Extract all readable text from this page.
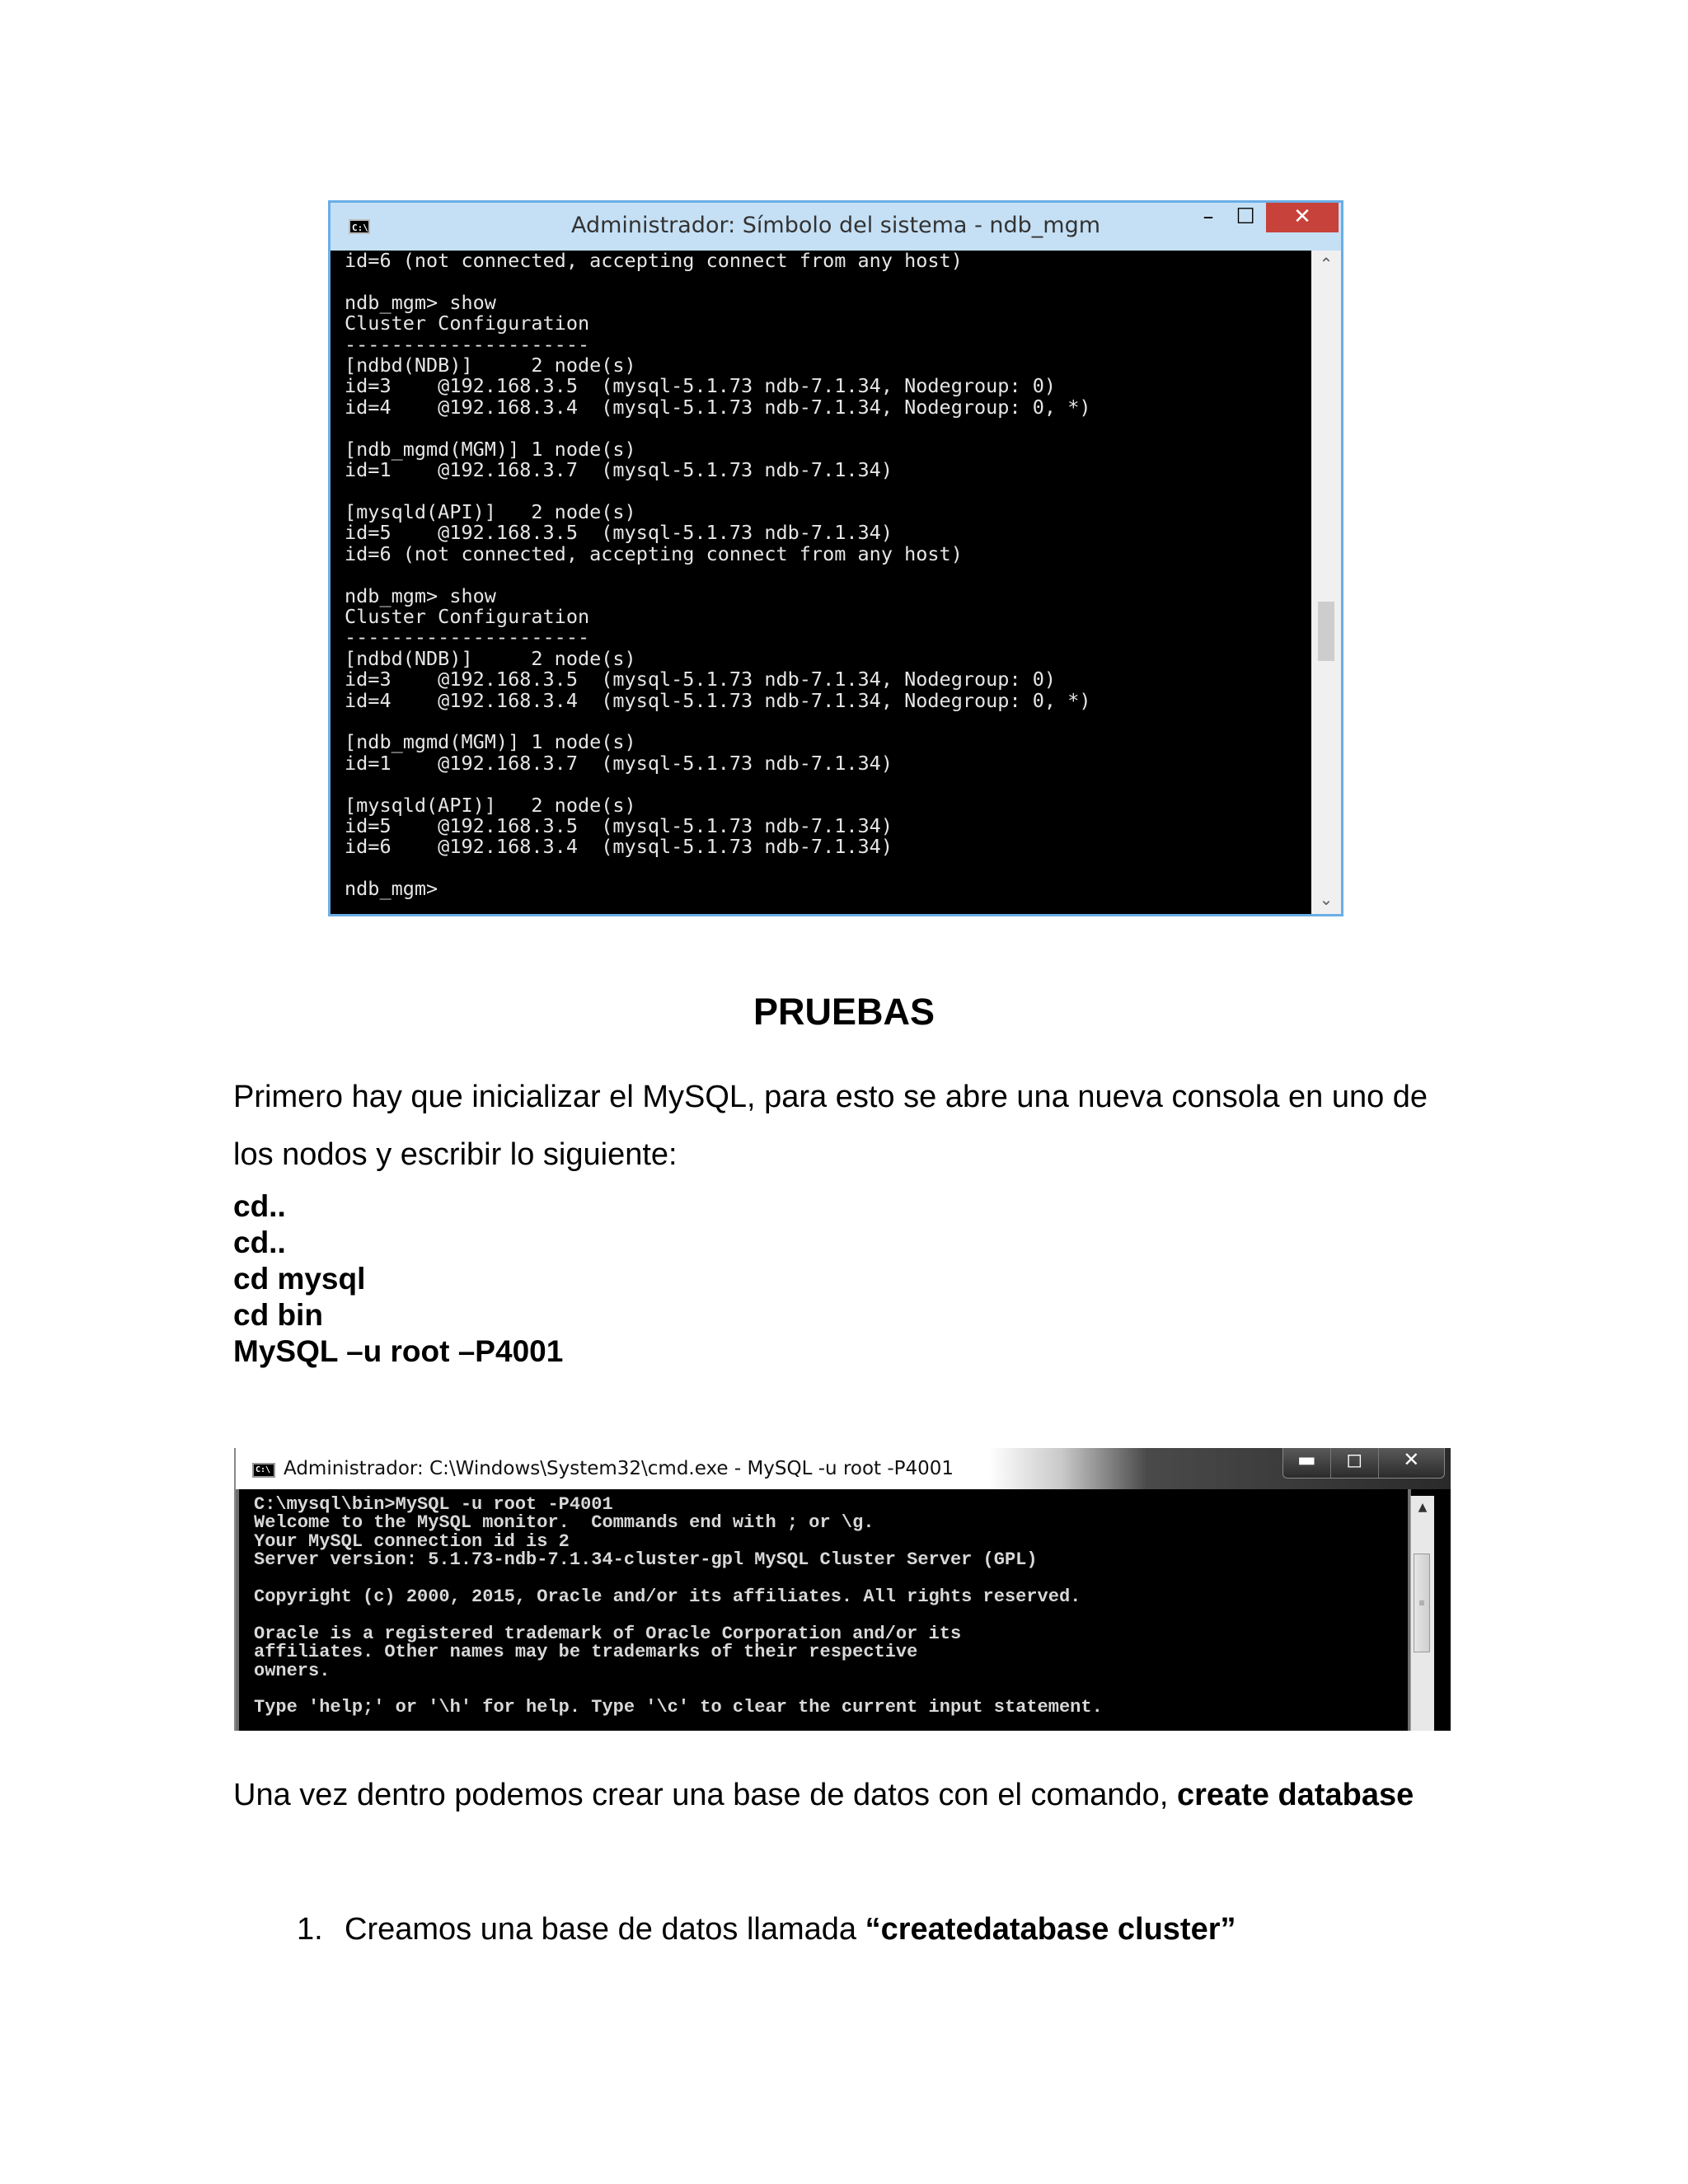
C:\	Administrador: Símbolo del sistema - ndb_mgm	–	☐	✕
id=6 (not connected, accepting connect from any host)

ndb_mgm> show
Cluster Configuration
---------------------
[ndbd(NDB)]     2 node(s)
id=3    @192.168.3.5  (mysql-5.1.73 ndb-7.1.34, Nodegroup: 0)
id=4    @192.168.3.4  (mysql-5.1.73 ndb-7.1.34, Nodegroup: 0, *)

[ndb_mgmd(MGM)] 1 node(s)
id=1    @192.168.3.7  (mysql-5.1.73 ndb-7.1.34)

[mysqld(API)]   2 node(s)
id=5    @192.168.3.5  (mysql-5.1.73 ndb-7.1.34)
id=6 (not connected, accepting connect from any host)

ndb_mgm> show
Cluster Configuration
---------------------
[ndbd(NDB)]     2 node(s)
id=3    @192.168.3.5  (mysql-5.1.73 ndb-7.1.34, Nodegroup: 0)
id=4    @192.168.3.4  (mysql-5.1.73 ndb-7.1.34, Nodegroup: 0, *)

[ndb_mgmd(MGM)] 1 node(s)
id=1    @192.168.3.7  (mysql-5.1.73 ndb-7.1.34)

[mysqld(API)]   2 node(s)
id=5    @192.168.3.5  (mysql-5.1.73 ndb-7.1.34)
id=6    @192.168.3.4  (mysql-5.1.73 ndb-7.1.34)

ndb_mgm>
⌃
⌄
PRUEBAS
Primero hay que inicializar el MySQL, para esto se abre una nueva consola en uno de los nodos y escribir lo siguiente:
cd..
cd..
cd mysql
cd bin
MySQL –u root –P4001
C:\ Administrador: C:\Windows\System32\cmd.exe - MySQL -u root -P4001	▬	◻	✕
C:\mysql\bin>MySQL -u root -P4001
Welcome to the MySQL monitor.  Commands end with ; or \g.
Your MySQL connection id is 2
Server version: 5.1.73-ndb-7.1.34-cluster-gpl MySQL Cluster Server (GPL)

Copyright (c) 2000, 2015, Oracle and/or its affiliates. All rights reserved.

Oracle is a registered trademark of Oracle Corporation and/or its
affiliates. Other names may be trademarks of their respective
owners.

Type 'help;' or '\h' for help. Type '\c' to clear the current input statement.
▲
≡
Una vez dentro podemos crear una base de datos con el comando, create database
1. Creamos una base de datos llamada “createdatabase cluster”
